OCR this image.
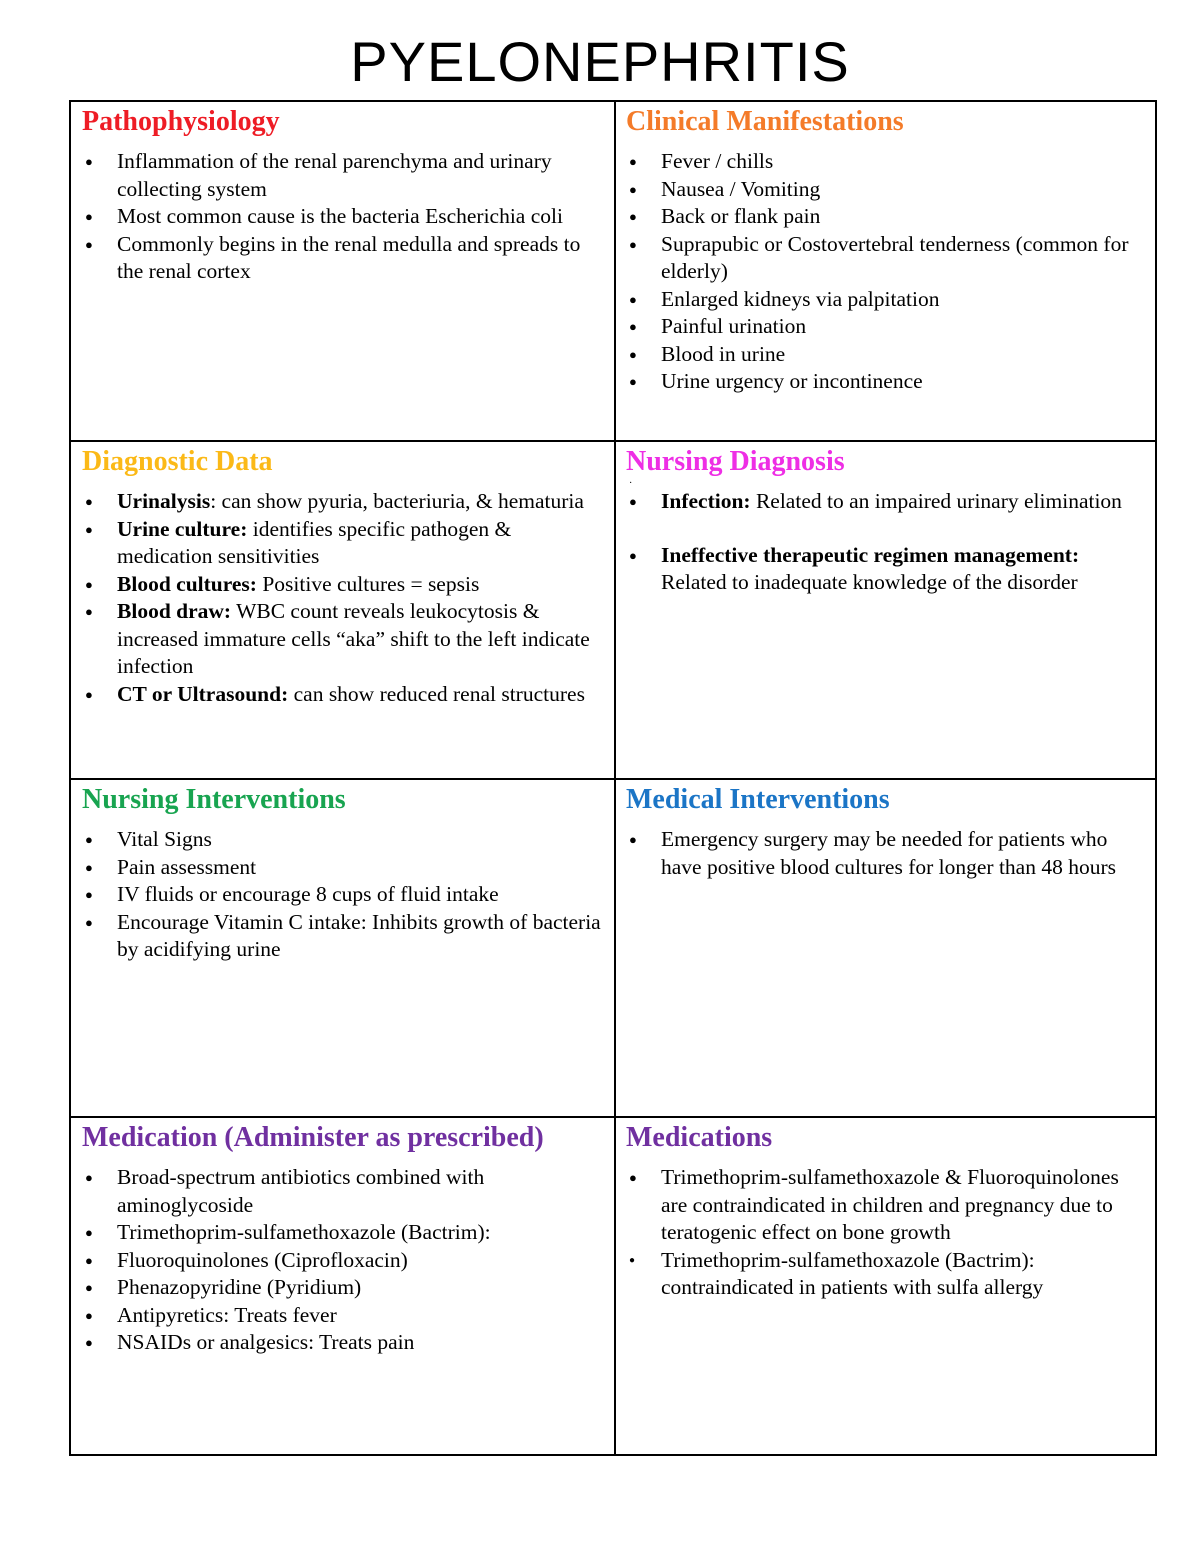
PYELONEPHRITIS
Pathophysiology
● Inflammation of the renal parenchyma and urinary collecting system
● Most common cause is the bacteria Escherichia coli
● Commonly begins in the renal medulla and spreads to the renal cortex
Clinical Manifestations
● Fever / chills
● Nausea / Vomiting
● Back or flank pain
● Suprapubic or Costovertebral tenderness (common for elderly)
● Enlarged kidneys via palpitation
● Painful urination
● Blood in urine
● Urine urgency or incontinence
Diagnostic Data
● Urinalysis: can show pyuria, bacteriuria, & hematuria
● Urine culture: identifies specific pathogen & medication sensitivities
● Blood cultures: Positive cultures = sepsis
● Blood draw: WBC count reveals leukocytosis & increased immature cells “aka” shift to the left indicate infection
● CT or Ultrasound: can show reduced renal structures
Nursing Diagnosis
·
● Infection: Related to an impaired urinary elimination
● Ineffective therapeutic regimen management: Related to inadequate knowledge of the disorder
Nursing Interventions
● Vital Signs
● Pain assessment
● IV fluids or encourage 8 cups of fluid intake
● Encourage Vitamin C intake: Inhibits growth of bacteria by acidifying urine
Medical Interventions
● Emergency surgery may be needed for patients who have positive blood cultures for longer than 48 hours
Medication (Administer as prescribed)
● Broad-spectrum antibiotics combined with aminoglycoside
● Trimethoprim-sulfamethoxazole (Bactrim):
● Fluoroquinolones (Ciprofloxacin)
● Phenazopyridine (Pyridium)
● Antipyretics: Treats fever
● NSAIDs or analgesics: Treats pain
Medications
● Trimethoprim-sulfamethoxazole & Fluoroquinolones are contraindicated in children and pregnancy due to teratogenic effect on bone growth
● Trimethoprim-sulfamethoxazole (Bactrim): contraindicated in patients with sulfa allergy
